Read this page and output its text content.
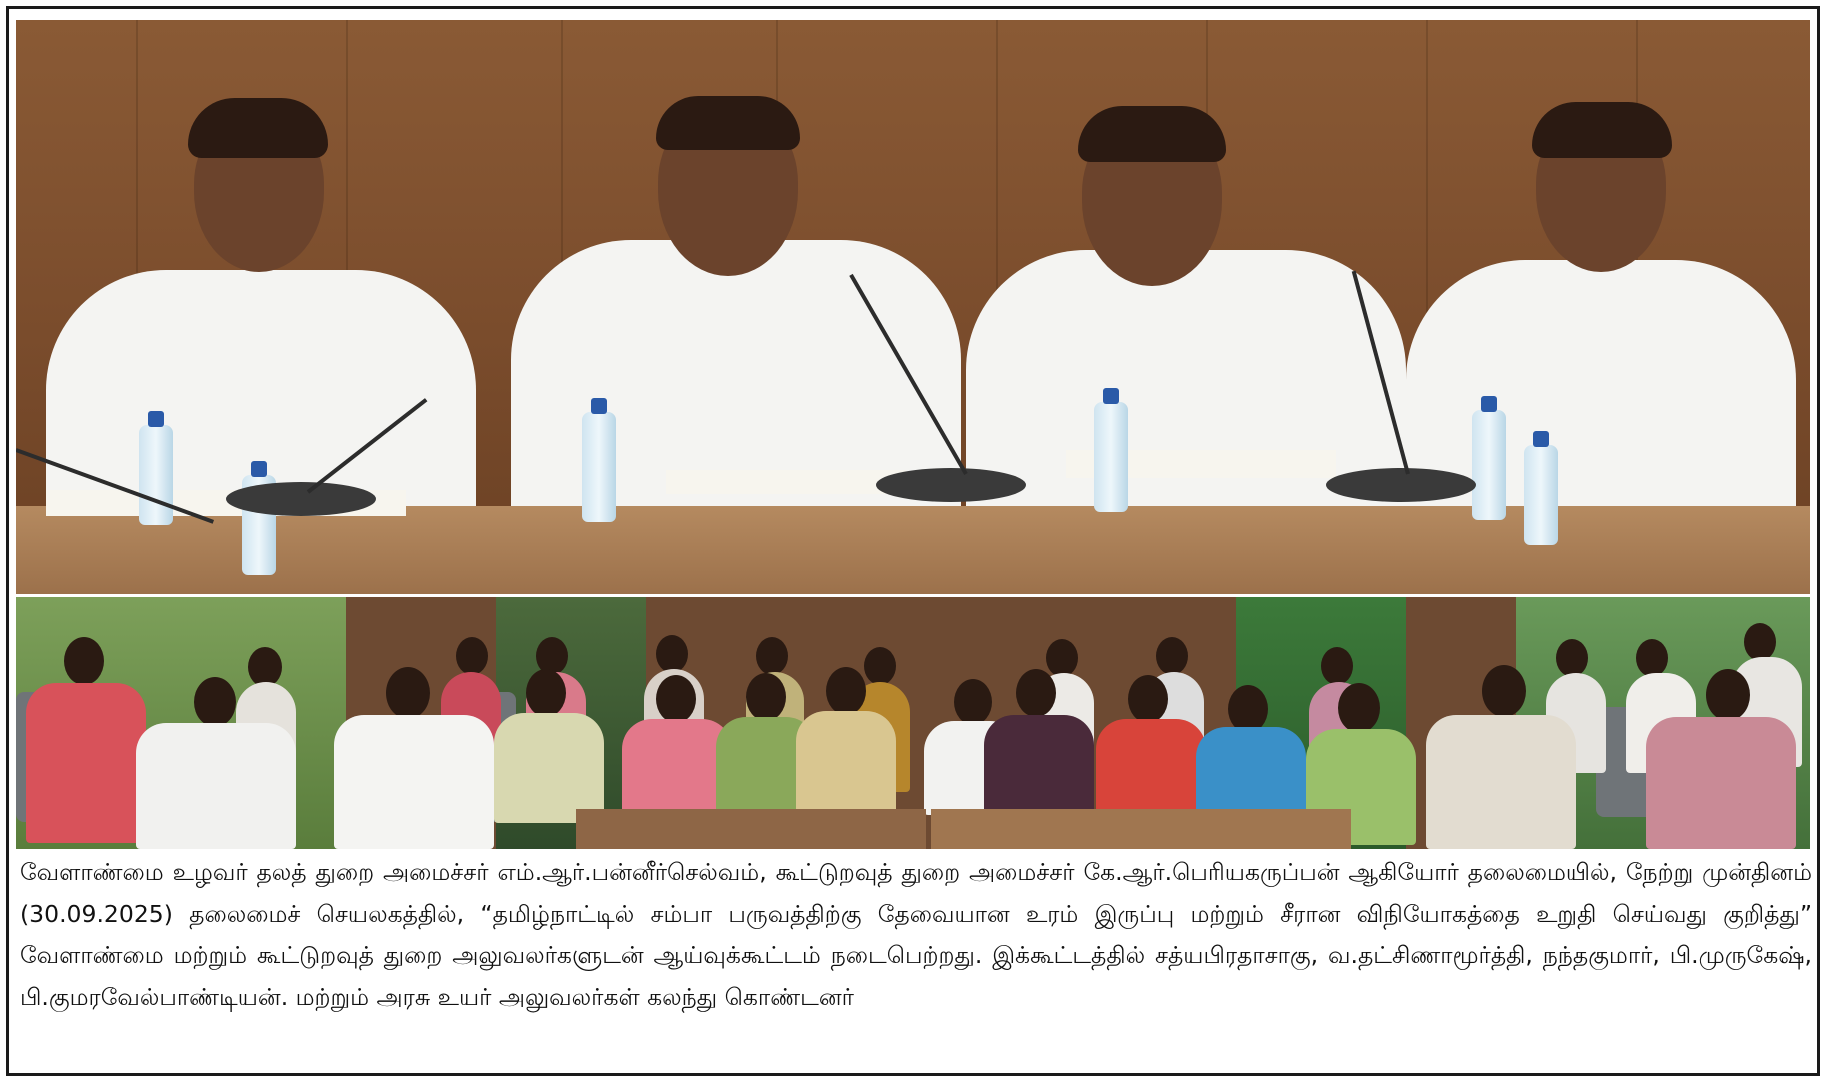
வேளாண்மை உழவர் தலத் துறை அமைச்சர் எம்.ஆர்.பன்னீர்செல்வம், கூட்டுறவுத் துறை அமைச்சர் கே.ஆர்.பெரியகருப்பன் ஆகியோர் தலைமையில், நேற்று முன்தினம் (30.09.2025) தலைமைச் செயலகத்தில், “தமிழ்நாட்டில் சம்பா பருவத்திற்கு தேவையான உரம் இருப்பு மற்றும் சீரான விநியோகத்தை உறுதி செய்வது குறித்து” வேளாண்மை மற்றும் கூட்டுறவுத் துறை அலுவலர்களுடன் ஆய்வுக்கூட்டம் நடைபெற்றது. இக்கூட்டத்தில் சத்யபிரதாசாகு, வ.தட்சிணாமூர்த்தி, நந்தகுமார், பி.முருகேஷ், பி.குமரவேல்பாண்டியன். மற்றும் அரசு உயர் அலுவலர்கள் கலந்து கொண்டனர்
